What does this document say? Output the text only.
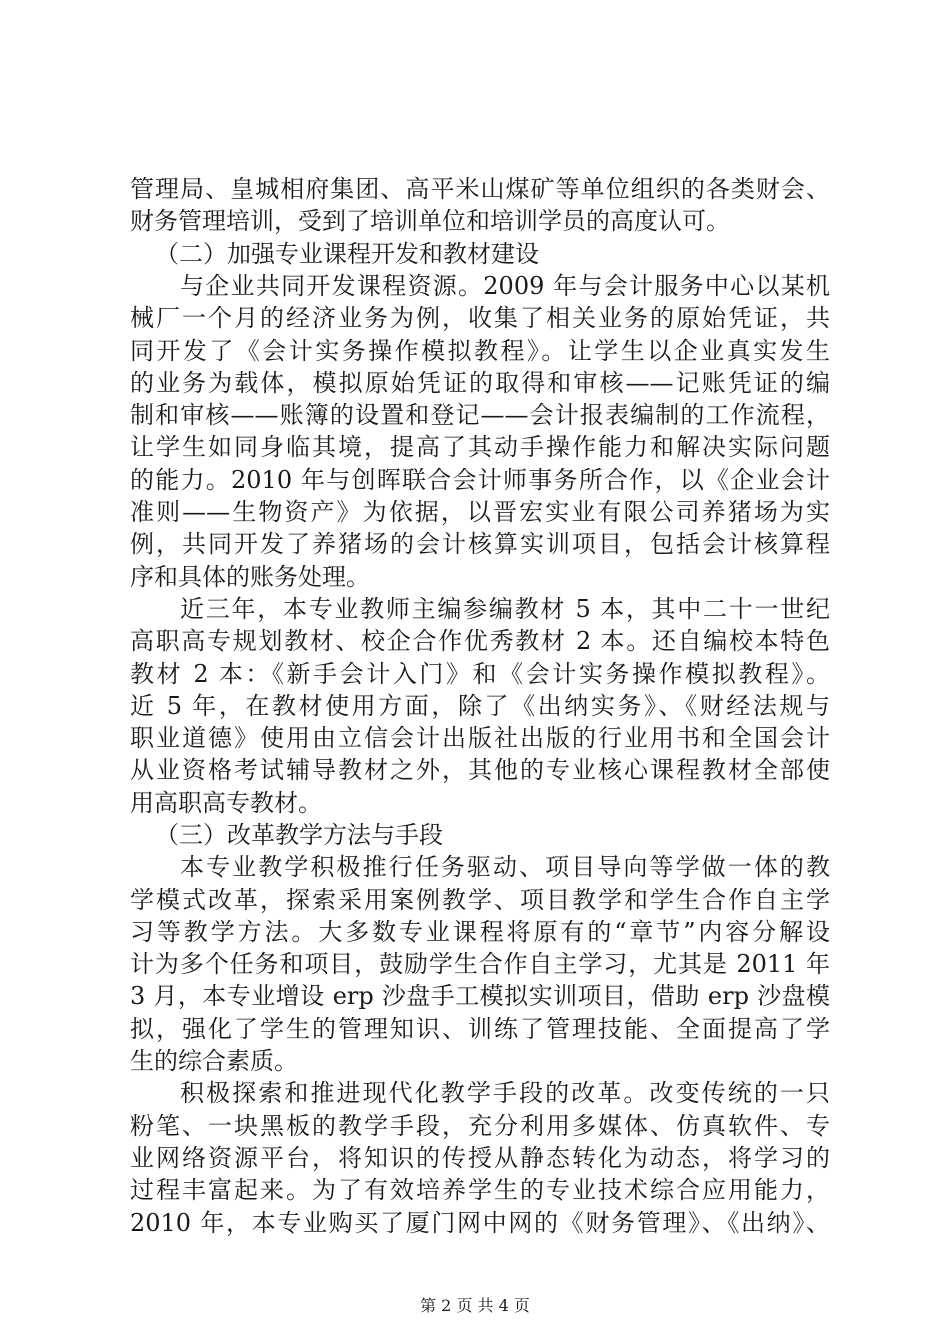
管理局、皇城相府集团、高平米山煤矿等单位组织的各类财会、
财务管理培训，受到了培训单位和培训学员的高度认可。
（二）加强专业课程开发和教材建设
与企业共同开发课程资源。2009 年与会计服务中心以某机
械厂一个月的经济业务为例，收集了相关业务的原始凭证，共
同开发了《会计实务操作模拟教程》。让学生以企业真实发生
的业务为载体，模拟原始凭证的取得和审核——记账凭证的编
制和审核——账簿的设置和登记——会计报表编制的工作流程，
让学生如同身临其境，提高了其动手操作能力和解决实际问题
的能力。2010 年与创晖联合会计师事务所合作，以《企业会计
准则——生物资产》为依据，以晋宏实业有限公司养猪场为实
例，共同开发了养猪场的会计核算实训项目，包括会计核算程
序和具体的账务处理。
近三年，本专业教师主编参编教材 5 本，其中二十一世纪
高职高专规划教材、校企合作优秀教材 2 本。还自编校本特色
教材 2 本：《新手会计入门》和《会计实务操作模拟教程》。
近 5 年，在教材使用方面，除了《出纳实务》、《财经法规与
职业道德》使用由立信会计出版社出版的行业用书和全国会计
从业资格考试辅导教材之外，其他的专业核心课程教材全部使
用高职高专教材。
（三）改革教学方法与手段
本专业教学积极推行任务驱动、项目导向等学做一体的教
学模式改革，探索采用案例教学、项目教学和学生合作自主学
习等教学方法。大多数专业课程将原有的“章节”内容分解设
计为多个任务和项目，鼓励学生合作自主学习，尤其是 2011 年
3 月，本专业增设 erp 沙盘手工模拟实训项目，借助 erp 沙盘模
拟，强化了学生的管理知识、训练了管理技能、全面提高了学
生的综合素质。
积极探索和推进现代化教学手段的改革。改变传统的一只
粉笔、一块黑板的教学手段，充分利用多媒体、仿真软件、专
业网络资源平台，将知识的传授从静态转化为动态，将学习的
过程丰富起来。为了有效培养学生的专业技术综合应用能力，
2010 年，本专业购买了厦门网中网的《财务管理》、《出纳》、
第 2 页 共 4 页
